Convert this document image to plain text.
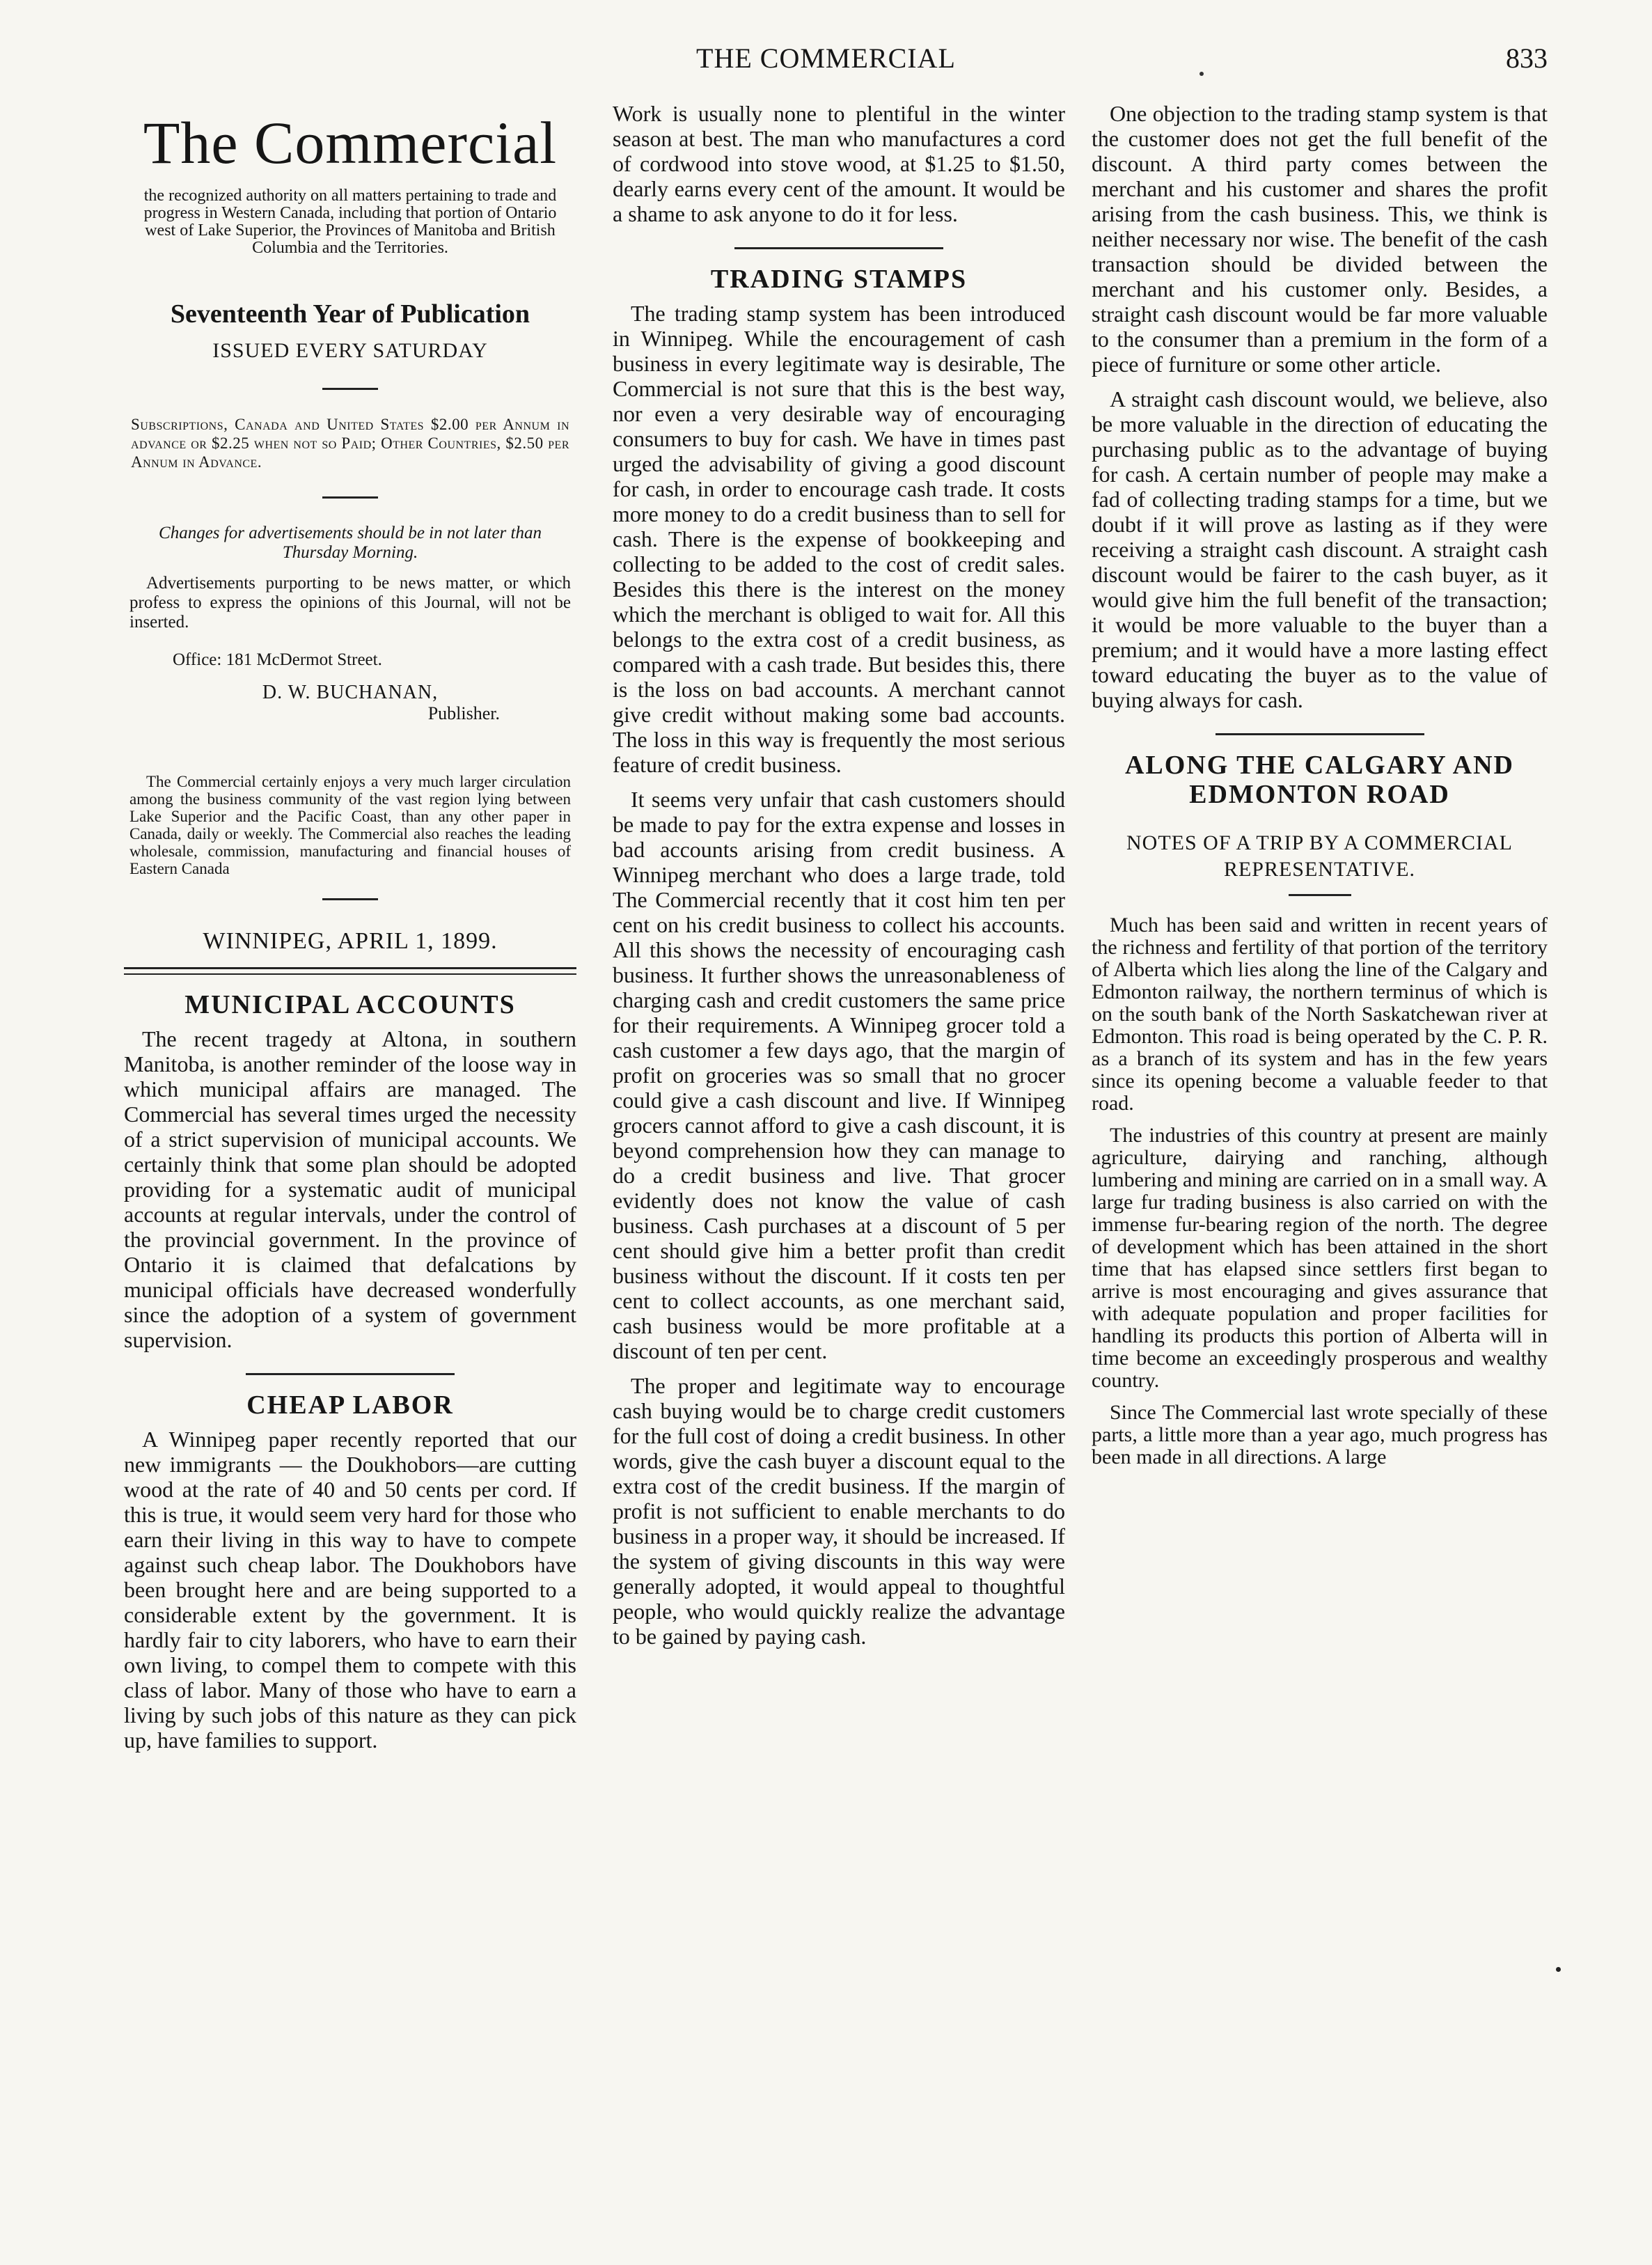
THE COMMERCIAL	833
The Commercial
the recognized authority on all matters pertaining to trade and progress in Western Canada, including that portion of Ontario west of Lake Superior, the Provinces of Manitoba and British Columbia and the Territories.
Seventeenth Year of Publication
ISSUED EVERY SATURDAY
Subscriptions, Canada and United States $2.00 per Annum in advance or $2.25 when not so Paid; Other Countries, $2.50 per Annum in Advance.
Changes for advertisements should be in not later than Thursday Morning.
Advertisements purporting to be news matter, or which profess to express the opinions of this Journal, will not be inserted.
Office: 181 McDermot Street.
D. W. BUCHANAN,
Publisher.
The Commercial certainly enjoys a very much larger circulation among the business community of the vast region lying between Lake Superior and the Pacific Coast, than any other paper in Canada, daily or weekly. The Commercial also reaches the leading wholesale, commission, manufacturing and financial houses of Eastern Canada
WINNIPEG, APRIL 1, 1899.
MUNICIPAL ACCOUNTS

The recent tragedy at Altona, in southern Manitoba, is another reminder of the loose way in which municipal affairs are managed. The Commercial has several times urged the necessity of a strict supervision of municipal accounts. We certainly think that some plan should be adopted providing for a systematic audit of municipal accounts at regular intervals, under the control of the provincial government. In the province of Ontario it is claimed that defalcations by municipal officials have decreased wonderfully since the adoption of a system of government supervision.

CHEAP LABOR

A Winnipeg paper recently reported that our new immigrants — the Doukhobors—are cutting wood at the rate of 40 and 50 cents per cord. If this is true, it would seem very hard for those who earn their living in this way to have to compete against such cheap labor. The Doukhobors have been brought here and are being supported to a considerable extent by the government. It is hardly fair to city laborers, who have to earn their own living, to compel them to compete with this class of labor. Many of those who have to earn a living by such jobs of this nature as they can pick up, have families to support.

Work is usually none to plentiful in the winter season at best. The man who manufactures a cord of cordwood into stove wood, at $1.25 to $1.50, dearly earns every cent of the amount. It would be a shame to ask anyone to do it for less.

TRADING STAMPS

The trading stamp system has been introduced in Winnipeg. While the encouragement of cash business in every legitimate way is desirable, The Commercial is not sure that this is the best way, nor even a very desirable way of encouraging consumers to buy for cash. We have in times past urged the advisability of giving a good discount for cash, in order to encourage cash trade. It costs more money to do a credit business than to sell for cash. There is the expense of bookkeeping and collecting to be added to the cost of credit sales. Besides this there is the interest on the money which the merchant is obliged to wait for. All this belongs to the extra cost of a credit business, as compared with a cash trade. But besides this, there is the loss on bad accounts. A merchant cannot give credit without making some bad accounts. The loss in this way is frequently the most serious feature of credit business.

It seems very unfair that cash customers should be made to pay for the extra expense and losses in bad accounts arising from credit business. A Winnipeg merchant who does a large trade, told The Commercial recently that it cost him ten per cent on his credit business to collect his accounts. All this shows the necessity of encouraging cash business. It further shows the unreasonableness of charging cash and credit customers the same price for their requirements. A Winnipeg grocer told a cash customer a few days ago, that the margin of profit on groceries was so small that no grocer could give a cash discount and live. If Winnipeg grocers cannot afford to give a cash discount, it is beyond comprehension how they can manage to do a credit business and live. That grocer evidently does not know the value of cash business. Cash purchases at a discount of 5 per cent should give him a better profit than credit business without the discount. If it costs ten per cent to collect accounts, as one merchant said, cash business would be more profitable at a discount of ten per cent.

The proper and legitimate way to encourage cash buying would be to charge credit customers for the full cost of doing a credit business. In other words, give the cash buyer a discount equal to the extra cost of the credit business. If the margin of profit is not sufficient to enable merchants to do business in a proper way, it should be increased. If the system of giving discounts in this way were generally adopted, it would appeal to thoughtful people, who would quickly realize the advantage to be gained by paying cash.

One objection to the trading stamp system is that the customer does not get the full benefit of the discount. A third party comes between the merchant and his customer and shares the profit arising from the cash business. This, we think is neither necessary nor wise. The benefit of the cash transaction should be divided between the merchant and his customer only. Besides, a straight cash discount would be far more valuable to the consumer than a premium in the form of a piece of furniture or some other article.

A straight cash discount would, we believe, also be more valuable in the direction of educating the purchasing public as to the advantage of buying for cash. A certain number of people may make a fad of collecting trading stamps for a time, but we doubt if it will prove as lasting as if they were receiving a straight cash discount. A straight cash discount would be fairer to the cash buyer, as it would give him the full benefit of the transaction; it would be more valuable to the buyer than a premium; and it would have a more lasting effect toward educating the buyer as to the value of buying always for cash.

ALONG THE CALGARY AND EDMONTON ROAD
NOTES OF A TRIP BY A COMMERCIAL REPRESENTATIVE.

Much has been said and written in recent years of the richness and fertility of that portion of the territory of Alberta which lies along the line of the Calgary and Edmonton railway, the northern terminus of which is on the south bank of the North Saskatchewan river at Edmonton. This road is being operated by the C. P. R. as a branch of its system and has in the few years since its opening become a valuable feeder to that road.

The industries of this country at present are mainly agriculture, dairying and ranching, although lumbering and mining are carried on in a small way. A large fur trading business is also carried on with the immense fur-bearing region of the north. The degree of development which has been attained in the short time that has elapsed since settlers first began to arrive is most encouraging and gives assurance that with adequate population and proper facilities for handling its products this portion of Alberta will in time become an exceedingly prosperous and wealthy country.

Since The Commercial last wrote specially of these parts, a little more than a year ago, much progress has been made in all directions. A large
